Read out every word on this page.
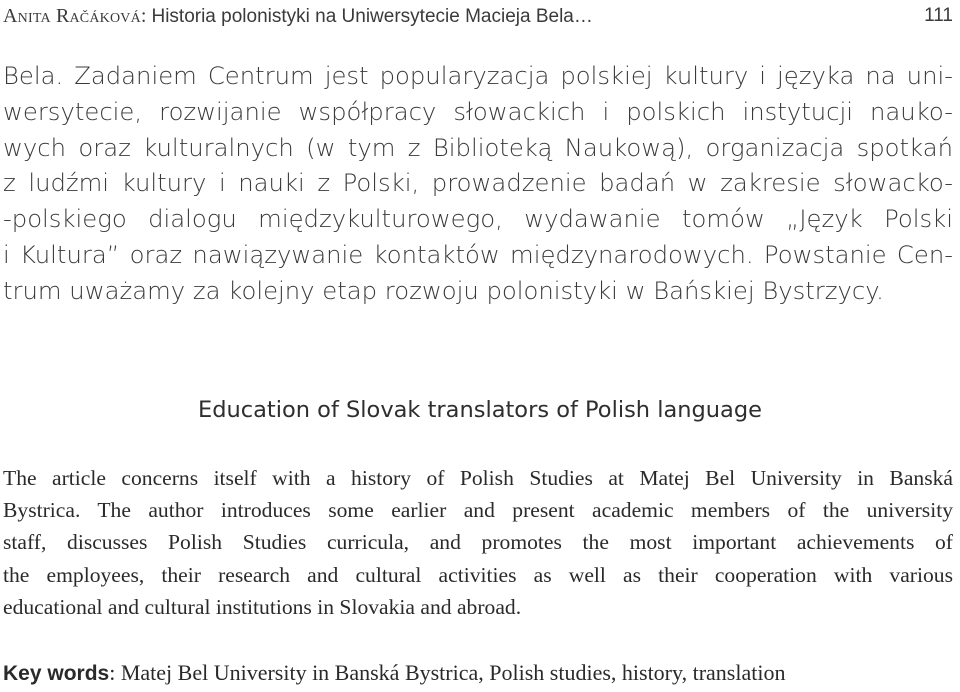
Anita Račáková: Historia polonistyki na Uniwersytecie Macieja Bela…	111
Bela. Zadaniem Centrum jest popularyzacja polskiej kultury i języka na uni-
wersytecie, rozwijanie współpracy słowackich i polskich instytucji nauko-
wych oraz kulturalnych (w tym z Biblioteką Naukową), organizacja spotkań
z ludźmi kultury i nauki z Polski, prowadzenie badań w zakresie słowacko-
-polskiego dialogu międzykulturowego, wydawanie tomów „Język Polski
i Kultura” oraz nawiązywanie kontaktów międzynarodowych. Powstanie Cen-
trum uważamy za kolejny etap rozwoju polonistyki w Bańskiej Bystrzycy.
Education of Slovak translators of Polish language
The article concerns itself with a history of Polish Studies at Matej Bel University in Banská
Bystrica. The author introduces some earlier and present academic members of the university
staff, discusses Polish Studies curricula, and promotes the most important achievements of
the employees, their research and cultural activities as well as their cooperation with various
educational and cultural institutions in Slovakia and abroad.
Key words: Matej Bel University in Banská Bystrica, Polish studies, history, translation
